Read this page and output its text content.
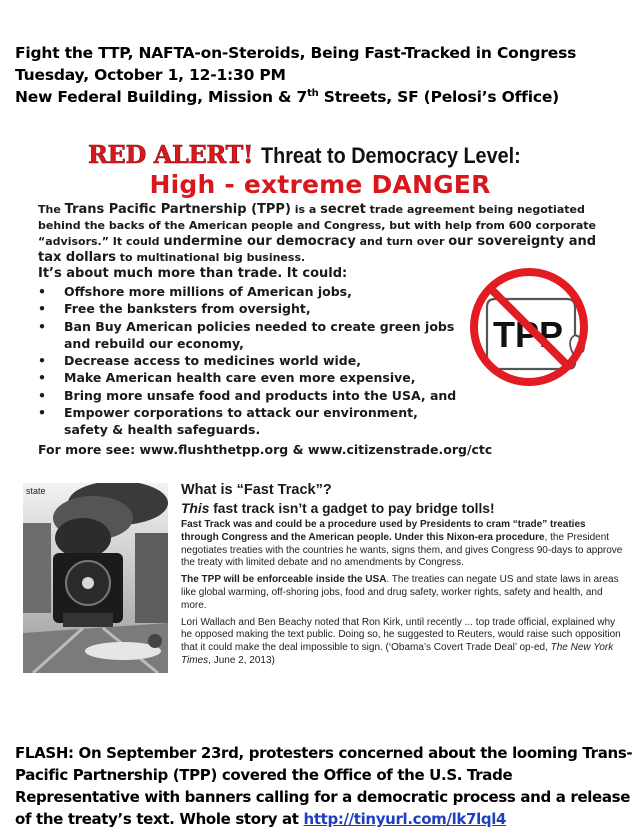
Fight the TTP, NAFTA-on-Steroids, Being Fast-Tracked in Congress

Tuesday, October 1, 12-1:30 PM

New Federal Building, Mission & 7th Streets, SF (Pelosi’s Office)

RED ALERT! Threat to Democracy Level:
High - extreme DANGER
The Trans Pacific Partnership (TPP) is a secret trade agreement being negotiated behind the backs of the American people and Congress, but with help from 600 corporate “advisors.” It could undermine our democracy and turn over our sovereignty and tax dollars to multinational big business.
It’s about much more than trade. It could:
• Offshore more millions of American jobs,
• Free the banksters from oversight,
• Ban Buy American policies needed to create green jobs and rebuild our economy,
• Decrease access to medicines world wide,
• Make American health care even more expensive,
• Bring more unsafe food and products into the USA, and
• Empower corporations to attack our environment, safety & health safeguards.
For more see: www.flushthetpp.org & www.citizenstrade.org/ctc
TPP
state	What is “Fast Track”?
This fast track isn’t a gadget to pay bridge tolls!

Fast Track was and could be a procedure used by Presidents to cram “trade” treaties through Congress and the American people. Under this Nixon-era procedure, the President negotiates treaties with the countries he wants, signs them, and gives Congress 90-days to approve the treaty with limited debate and no amendments by Congress.

The TPP will be enforceable inside the USA. The treaties can negate US and state laws in areas like global warming, off-shoring jobs, food and drug safety, worker rights, safety and health, and more.

Lori Wallach and Ben Beachy noted that Ron Kirk, until recently ... top trade official, explained why he opposed making the text public. Doing so, he suggested to Reuters, would raise such opposition that it could make the deal impossible to sign. (‘Obama’s Covert Trade Deal’ op-ed, The New York Times, June 2, 2013)

FLASH: On September 23rd, protesters concerned about the looming Trans-Pacific Partnership (TPP) covered the Office of the U.S. Trade Representative with banners calling for a democratic process and a release of the treaty’s text. Whole story at http://tinyurl.com/lk7lql4
